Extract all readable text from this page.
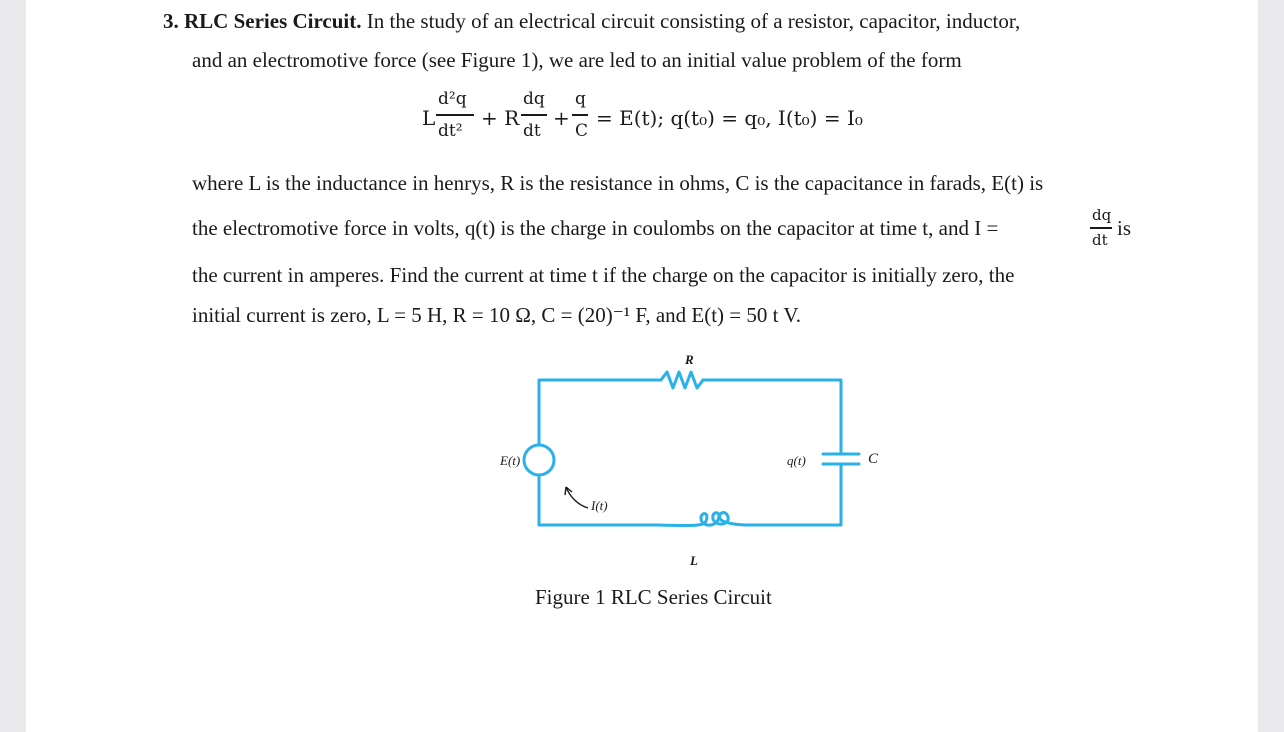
3. RLC Series Circuit. In the study of an electrical circuit consisting of a resistor, capacitor, inductor,
and an electromotive force (see Figure 1), we are led to an initial value problem of the form
L
d²q
dt²
+ R
dq
dt
+
q
C
= E(t); q(t₀) = q₀, I(t₀) = I₀
where L is the inductance in henrys, R is the resistance in ohms, C is the capacitance in farads, E(t) is
the electromotive force in volts, q(t) is the charge in coulombs on the capacitor at time t, and I =
dq
dt is
the current in amperes. Find the current at time t if the charge on the capacitor is initially zero, the
initial current is zero, L = 5 H, R = 10 Ω, C = (20)⁻¹ F, and E(t) = 50 t V.
R
E(t)
I(t)
q(t)	C
L
Figure 1 RLC Series Circuit
